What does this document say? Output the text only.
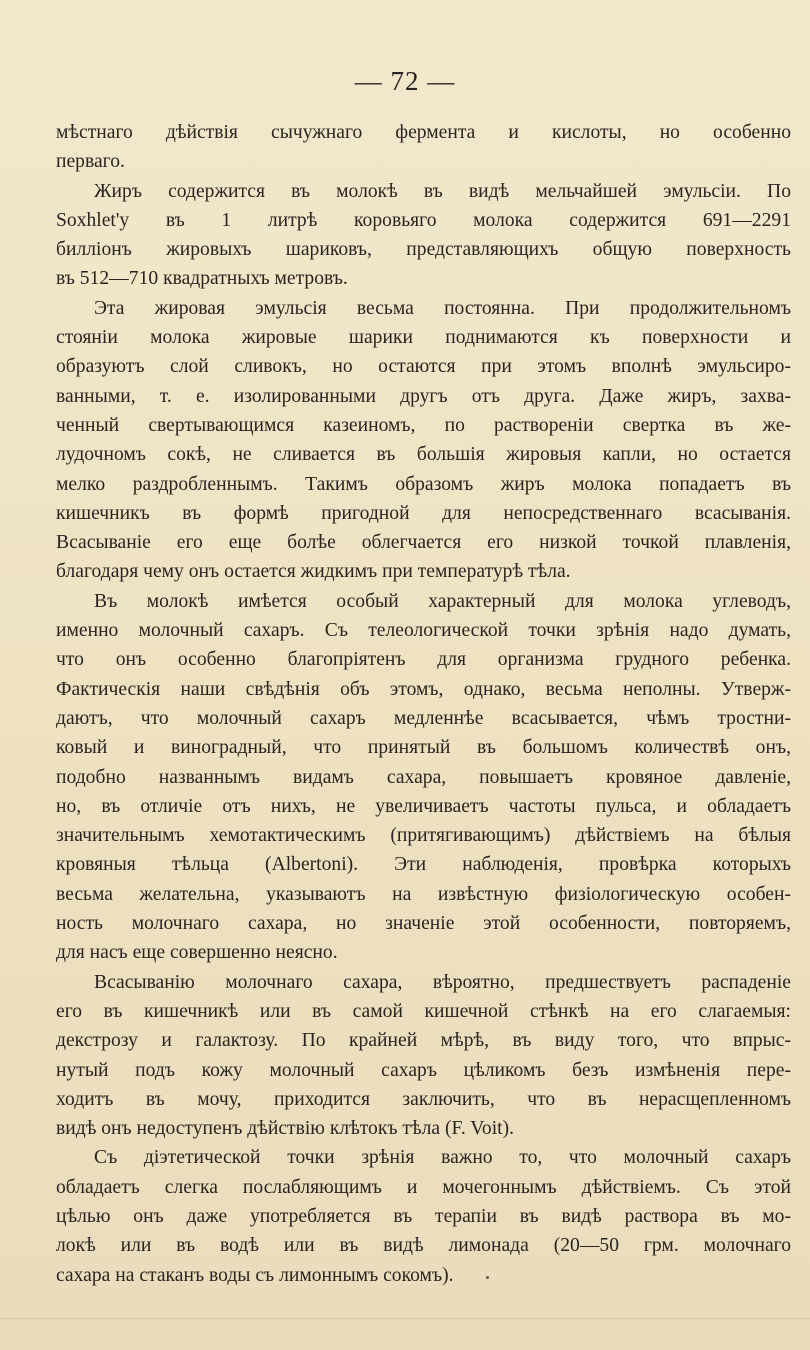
— 72 —
мѣстнаго дѣйствія сычужнаго фермента и кислоты, но особенно
перваго.
Жиръ содержится въ молокѣ въ видѣ мельчайшей эмульсіи. По
Soxhlet'у въ 1 литрѣ коровьяго молока содержится 691—2291
билліонъ жировыхъ шариковъ, представляющихъ общую поверхность
въ 512—710 квадратныхъ метровъ.
Эта жировая эмульсія весьма постоянна. При продолжительномъ
стояніи молока жировые шарики поднимаются къ поверхности и
образуютъ слой сливокъ, но остаются при этомъ вполнѣ эмульсиро-
ванными, т. е. изолированными другъ отъ друга. Даже жиръ, захва-
ченный свертывающимся казеиномъ, по раствореніи свертка въ же-
лудочномъ сокѣ, не сливается въ большія жировыя капли, но остается
мелко раздробленнымъ. Такимъ образомъ жиръ молока попадаетъ въ
кишечникъ въ формѣ пригодной для непосредственнаго всасыванія.
Всасываніе его еще болѣе облегчается его низкой точкой плавленія,
благодаря чему онъ остается жидкимъ при температурѣ тѣла.
Въ молокѣ имѣется особый характерный для молока углеводъ,
именно молочный сахаръ. Съ телеологической точки зрѣнія надо думать,
что онъ особенно благопріятенъ для организма грудного ребенка.
Фактическія наши свѣдѣнія объ этомъ, однако, весьма неполны. Утверж-
даютъ, что молочный сахаръ медленнѣе всасывается, чѣмъ тростни-
ковый и виноградный, что принятый въ большомъ количествѣ онъ,
подобно названнымъ видамъ сахара, повышаетъ кровяное давленіе,
но, въ отличіе отъ нихъ, не увеличиваетъ частоты пульса, и обладаетъ
значительнымъ хемотактическимъ (притягивающимъ) дѣйствіемъ на бѣлыя
кровяныя тѣльца (Albertoni). Эти наблюденія, провѣрка которыхъ
весьма желательна, указываютъ на извѣстную физіологическую особен-
ность молочнаго сахара, но значеніе этой особенности, повторяемъ,
для насъ еще совершенно неясно.
Всасыванію молочнаго сахара, вѣроятно, предшествуетъ распаденіе
его въ кишечникѣ или въ самой кишечной стѣнкѣ на его слагаемыя:
декстрозу и галактозу. По крайней мѣрѣ, въ виду того, что впрыс-
нутый подъ кожу молочный сахаръ цѣликомъ безъ измѣненія пере-
ходитъ въ мочу, приходится заключить, что въ нерасщепленномъ
видѣ онъ недоступенъ дѣйствію клѣтокъ тѣла (F. Voit).
Съ діэтетической точки зрѣнія важно то, что молочный сахаръ
обладаетъ слегка послабляющимъ и мочегоннымъ дѣйствіемъ. Съ этой
цѣлью онъ даже употребляется въ терапіи въ видѣ раствора въ мо-
локѣ или въ водѣ или въ видѣ лимонада (20—50 грм. молочнаго
сахара на стаканъ воды съ лимоннымъ сокомъ).
